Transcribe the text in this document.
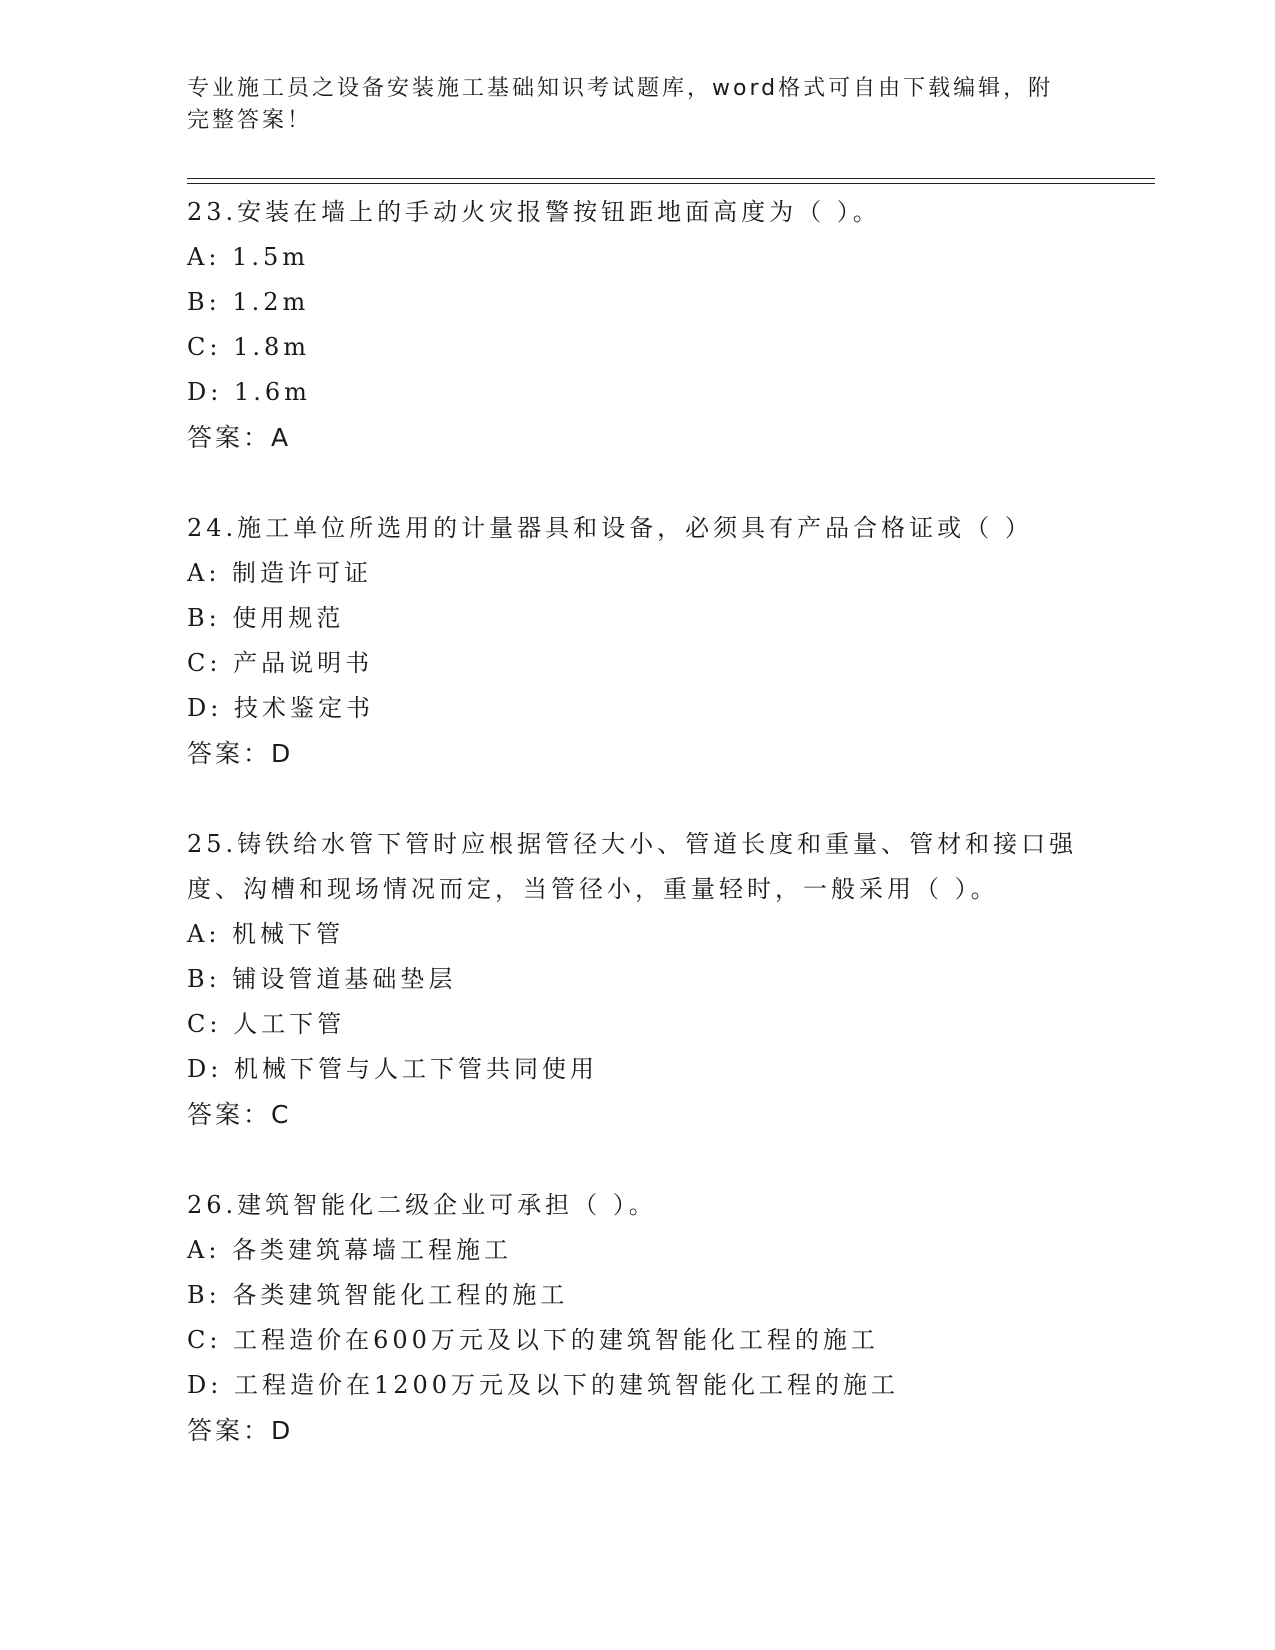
专业施工员之设备安装施工基础知识考试题库，word格式可自由下载编辑，附完整答案！

23.安装在墙上的手动火灾报警按钮距地面高度为（ ）。

A: 1.5m

B: 1.2m

C: 1.8m

D: 1.6m

答案：A

24.施工单位所选用的计量器具和设备，必须具有产品合格证或（ ）

A: 制造许可证

B: 使用规范

C: 产品说明书

D: 技术鉴定书

答案：D

25.铸铁给水管下管时应根据管径大小、管道长度和重量、管材和接口强度、沟槽和现场情况而定，当管径小，重量轻时，一般采用（ ）。

A: 机械下管

B: 铺设管道基础垫层

C: 人工下管

D: 机械下管与人工下管共同使用

答案：C

26.建筑智能化二级企业可承担（ ）。

A: 各类建筑幕墙工程施工

B: 各类建筑智能化工程的施工

C: 工程造价在600万元及以下的建筑智能化工程的施工

D: 工程造价在1200万元及以下的建筑智能化工程的施工

答案：D
